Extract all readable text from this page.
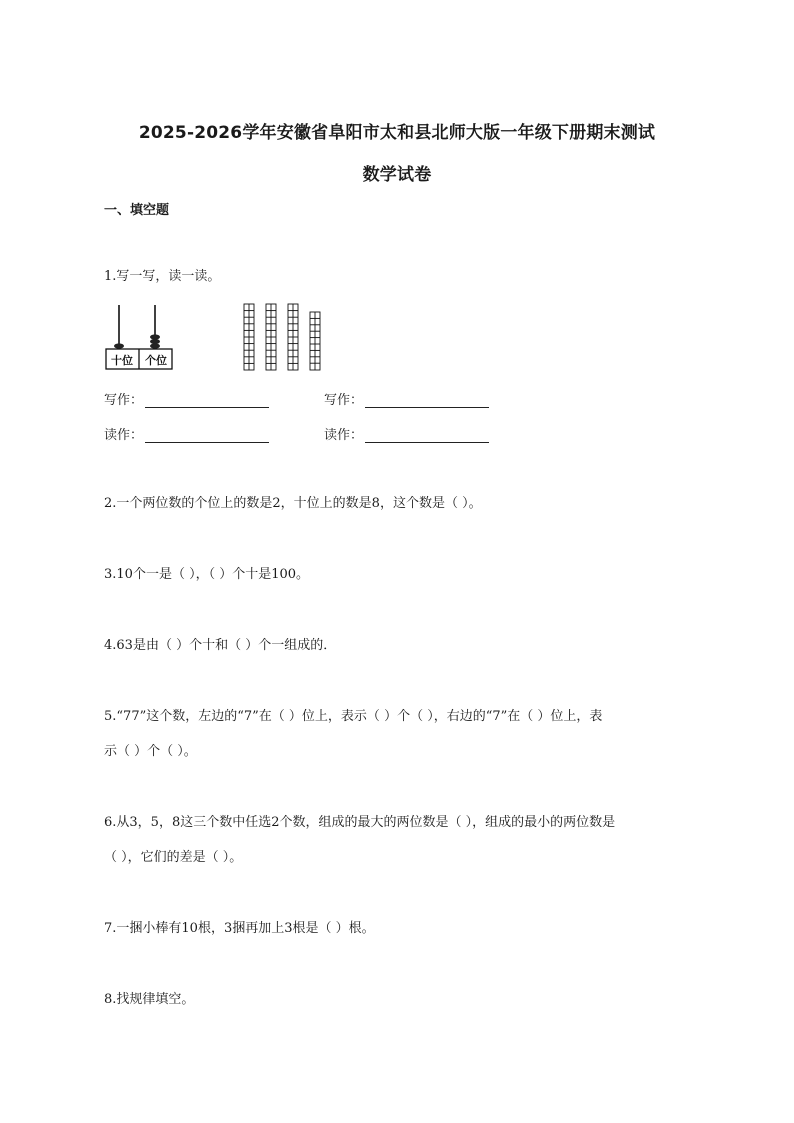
2025-2026学年安徽省阜阳市太和县北师大版一年级下册期末测试
数学试卷
一、填空题
1.写一写，读一读。
十位 个位
写作：	写作：
读作：	读作：
2.一个两位数的个位上的数是2，十位上的数是8，这个数是（ ）。
3.10个一是（ ），（ ）个十是100。
4.63是由（ ）个十和（ ）个一组成的．
5.“77”这个数，左边的“7”在（ ）位上，表示（ ）个（ ），右边的“7”在（ ）位上，表
示（ ）个（ ）。
6.从3，5，8这三个数中任选2个数，组成的最大的两位数是（ ），组成的最小的两位数是
（ ），它们的差是（ ）。
7.一捆小棒有10根，3捆再加上3根是（ ）根。
8.找规律填空。
